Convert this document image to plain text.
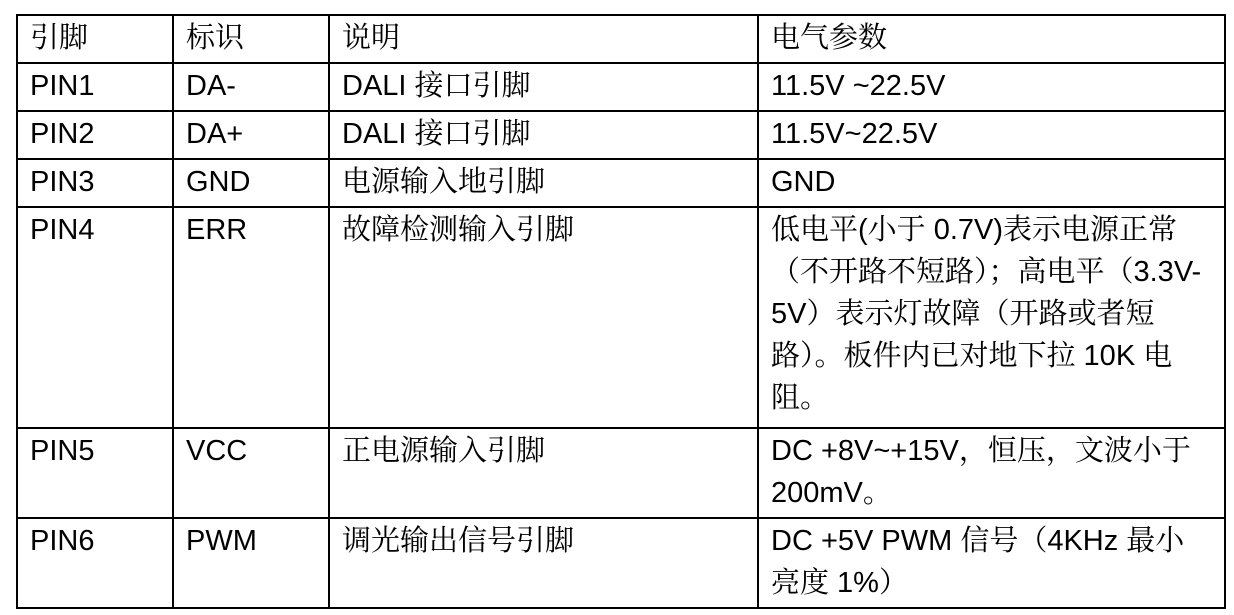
引脚	标识	说明	电气参数
PIN1	DA-	DALI 接口引脚	11.5V ~22.5V
PIN2	DA+	DALI 接口引脚	11.5V~22.5V
PIN3	GND	电源输入地引脚	GND
PIN4	ERR	故障检测输入引脚	低电平(小于 0.7V)表示电源正常（不开路不短路）；高电平（3.3V-5V）表示灯故障（开路或者短路）。板件内已对地下拉 10K 电阻。
PIN5	VCC	正电源输入引脚	DC +8V~+15V，恒压，文波小于 200mV。
PIN6	PWM	调光输出信号引脚	DC +5V PWM 信号（4KHz 最小亮度 1%）
